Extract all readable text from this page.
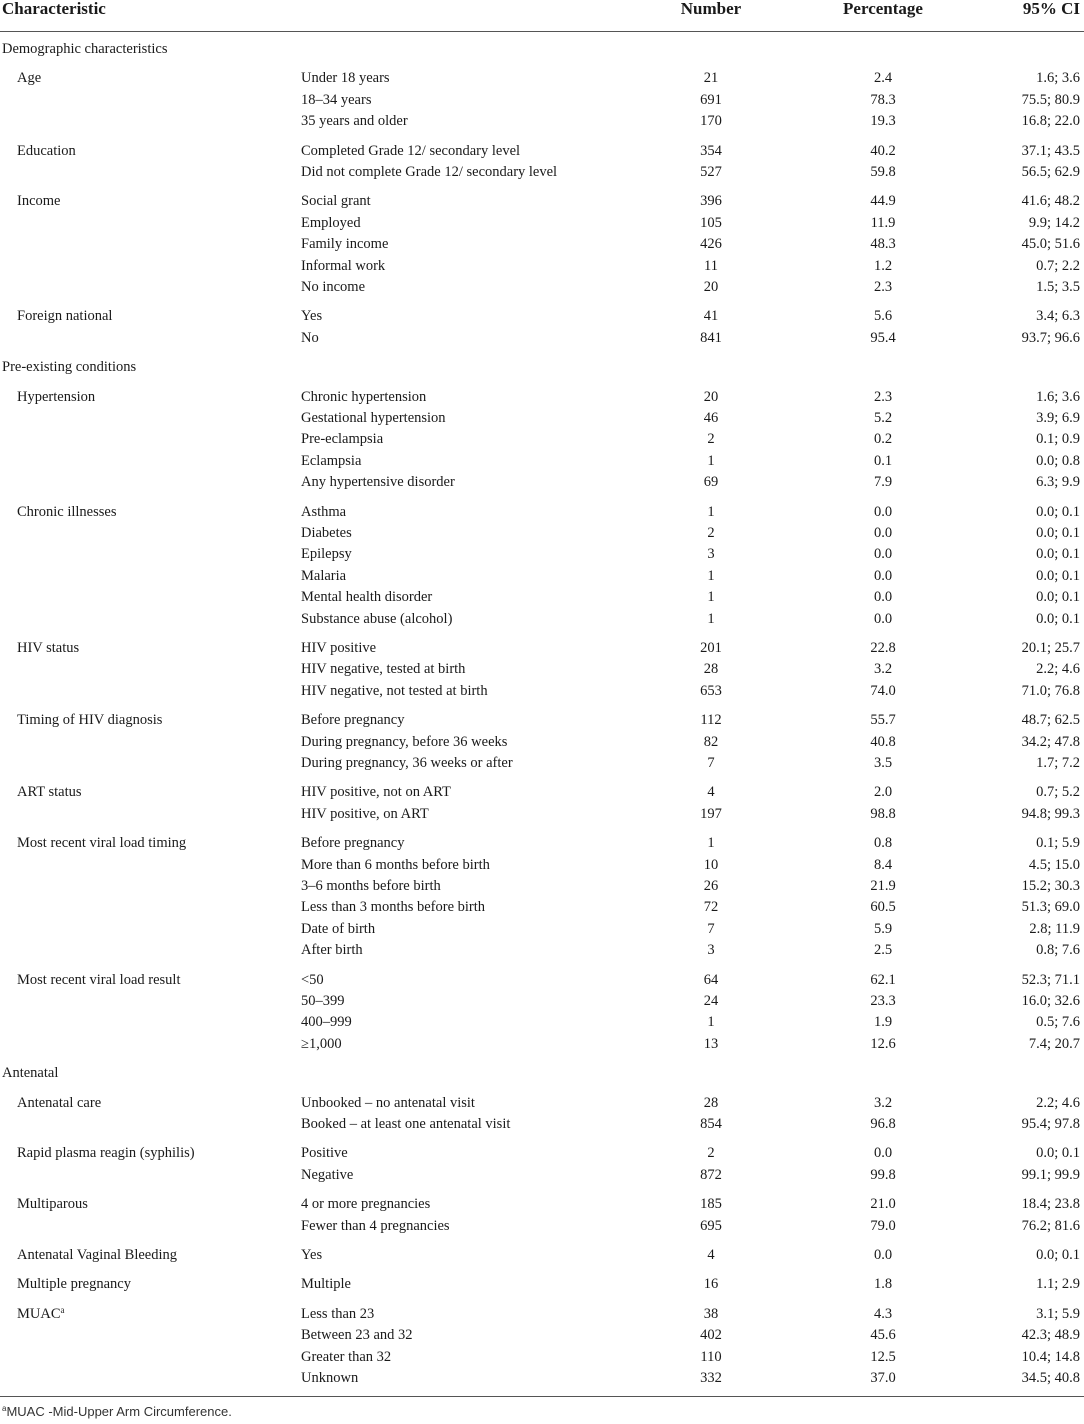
Characteristic	Number	Percentage	95% CI
Demographic characteristics
Age	Under 18 years	21	2.4	1.6; 3.6
18–34 years	691	78.3	75.5; 80.9
35 years and older	170	19.3	16.8; 22.0
Education	Completed Grade 12/ secondary level	354	40.2	37.1; 43.5
Did not complete Grade 12/ secondary level	527	59.8	56.5; 62.9
Income	Social grant	396	44.9	41.6; 48.2
Employed	105	11.9	9.9; 14.2
Family income	426	48.3	45.0; 51.6
Informal work	11	1.2	0.7; 2.2
No income	20	2.3	1.5; 3.5
Foreign national	Yes	41	5.6	3.4; 6.3
No	841	95.4	93.7; 96.6
Pre-existing conditions
Hypertension	Chronic hypertension	20	2.3	1.6; 3.6
Gestational hypertension	46	5.2	3.9; 6.9
Pre-eclampsia	2	0.2	0.1; 0.9
Eclampsia	1	0.1	0.0; 0.8
Any hypertensive disorder	69	7.9	6.3; 9.9
Chronic illnesses	Asthma	1	0.0	0.0; 0.1
Diabetes	2	0.0	0.0; 0.1
Epilepsy	3	0.0	0.0; 0.1
Malaria	1	0.0	0.0; 0.1
Mental health disorder	1	0.0	0.0; 0.1
Substance abuse (alcohol)	1	0.0	0.0; 0.1
HIV status	HIV positive	201	22.8	20.1; 25.7
HIV negative, tested at birth	28	3.2	2.2; 4.6
HIV negative, not tested at birth	653	74.0	71.0; 76.8
Timing of HIV diagnosis	Before pregnancy	112	55.7	48.7; 62.5
During pregnancy, before 36 weeks	82	40.8	34.2; 47.8
During pregnancy, 36 weeks or after	7	3.5	1.7; 7.2
ART status	HIV positive, not on ART	4	2.0	0.7; 5.2
HIV positive, on ART	197	98.8	94.8; 99.3
Most recent viral load timing	Before pregnancy	1	0.8	0.1; 5.9
More than 6 months before birth	10	8.4	4.5; 15.0
3–6 months before birth	26	21.9	15.2; 30.3
Less than 3 months before birth	72	60.5	51.3; 69.0
Date of birth	7	5.9	2.8; 11.9
After birth	3	2.5	0.8; 7.6
Most recent viral load result	<50	64	62.1	52.3; 71.1
50–399	24	23.3	16.0; 32.6
400–999	1	1.9	0.5; 7.6
≥1,000	13	12.6	7.4; 20.7
Antenatal
Antenatal care	Unbooked – no antenatal visit	28	3.2	2.2; 4.6
Booked – at least one antenatal visit	854	96.8	95.4; 97.8
Rapid plasma reagin (syphilis)	Positive	2	0.0	0.0; 0.1
Negative	872	99.8	99.1; 99.9
Multiparous	4 or more pregnancies	185	21.0	18.4; 23.8
Fewer than 4 pregnancies	695	79.0	76.2; 81.6
Antenatal Vaginal Bleeding	Yes	4	0.0	0.0; 0.1
Multiple pregnancy	Multiple	16	1.8	1.1; 2.9
MUAC$^a$	Less than 23	38	4.3	3.1; 5.9
Between 23 and 32	402	45.6	42.3; 48.9
Greater than 32	110	12.5	10.4; 14.8
Unknown	332	37.0	34.5; 40.8
$^a$MUAC -Mid-Upper Arm Circumference.
